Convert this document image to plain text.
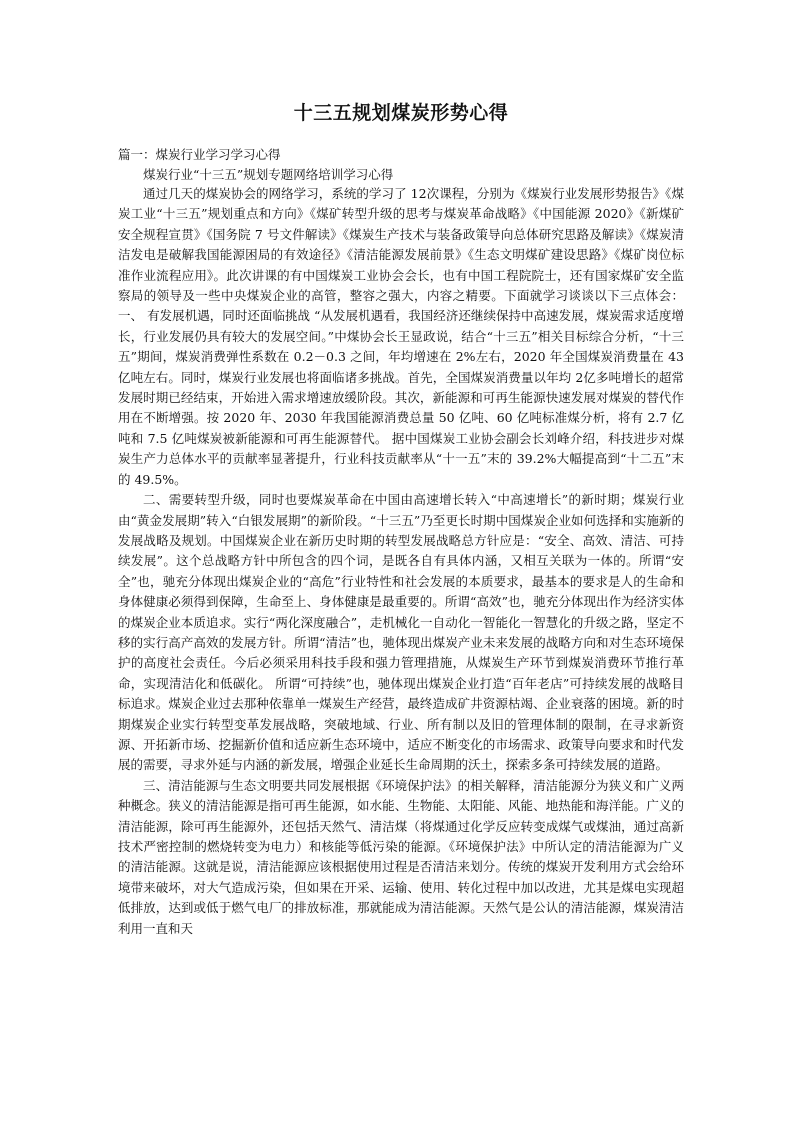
十三五规划煤炭形势心得

篇一：煤炭行业学习学习心得

煤炭行业“十三五”规划专题网络培训学习心得

通过几天的煤炭协会的网络学习，系统的学习了 12次课程，分别为《煤炭行业发展形势报告》《煤炭工业“十三五”规划重点和方向》《煤矿转型升级的思考与煤炭革命战略》《中国能源 2020》《新煤矿安全规程宣贯》《国务院 7 号文件解读》《煤炭生产技术与装备政策导向总体研究思路及解读》《煤炭清洁发电是破解我国能源困局的有效途径》《清洁能源发展前景》《生态文明煤矿建设思路》《煤矿岗位标准作业流程应用》。此次讲课的有中国煤炭工业协会会长，也有中国工程院院士，还有国家煤矿安全监察局的领导及一些中央煤炭企业的高管，整容之强大，内容之精要。下面就学习谈谈以下三点体会：一、 有发展机遇，同时还面临挑战 “从发展机遇看，我国经济还继续保持中高速发展，煤炭需求适度增长，行业发展仍具有较大的发展空间。”中煤协会长王显政说，结合“十三五”相关目标综合分析，“十三五”期间，煤炭消费弹性系数在 0.2－0.3 之间，年均增速在 2%左右，2020 年全国煤炭消费量在 43 亿吨左右。同时，煤炭行业发展也将面临诸多挑战。首先，全国煤炭消费量以年均 2亿多吨增长的超常发展时期已经结束，开始进入需求增速放缓阶段。其次，新能源和可再生能源快速发展对煤炭的替代作用在不断增强。按 2020 年、2030 年我国能源消费总量 50 亿吨、60 亿吨标准煤分析，将有 2.7 亿吨和 7.5 亿吨煤炭被新能源和可再生能源替代。 据中国煤炭工业协会副会长刘峰介绍，科技进步对煤炭生产力总体水平的贡献率显著提升，行业科技贡献率从“十一五”末的 39.2%大幅提高到“十二五”末的 49.5%。

二、需要转型升级，同时也要煤炭革命在中国由高速增长转入“中高速增长”的新时期；煤炭行业由“黄金发展期”转入“白银发展期”的新阶段。“十三五”乃至更长时期中国煤炭企业如何选择和实施新的发展战略及规划。中国煤炭企业在新历史时期的转型发展战略总方针应是：“安全、高效、清洁、可持续发展”。这个总战略方针中所包含的四个词，是既各自有具体内涵，又相互关联为一体的。所谓“安全”也，驰充分体现出煤炭企业的“高危”行业特性和社会发展的本质要求，最基本的要求是人的生命和身体健康必须得到保障，生命至上、身体健康是最重要的。所谓“高效”也，驰充分体现出作为经济实体的煤炭企业本质追求。实行“两化深度融合”，走机械化一自动化一智能化一智慧化的升级之路，坚定不移的实行高产高效的发展方针。所谓“清洁”也，驰体现出煤炭产业未来发展的战略方向和对生态环境保护的高度社会责任。今后必须采用科技手段和强力管理措施，从煤炭生产环节到煤炭消费环节推行革命，实现清洁化和低碳化。 所谓“可持续”也，驰体现出煤炭企业打造“百年老店”可持续发展的战略目标追求。煤炭企业过去那种依靠单一煤炭生产经营，最终造成矿井资源枯竭、企业衰落的困境。新的时期煤炭企业实行转型变革发展战略，突破地域、行业、所有制以及旧的管理体制的限制，在寻求新资源、开拓新市场、挖掘新价值和适应新生态环境中，适应不断变化的市场需求、政策导向要求和时代发展的需要，寻求外延与内涵的新发展，增强企业延长生命周期的沃土，探索多条可持续发展的道路。

三、清洁能源与生态文明要共同发展根据《环境保护法》的相关解释，清洁能源分为狭义和广义两种概念。狭义的清洁能源是指可再生能源，如水能、生物能、太阳能、风能、地热能和海洋能。广义的清洁能源，除可再生能源外，还包括天然气、清洁煤（将煤通过化学反应转变成煤气或煤油，通过高新技术严密控制的燃烧转变为电力）和核能等低污染的能源。《环境保护法》中所认定的清洁能源为广义的清洁能源。这就是说，清洁能源应该根据使用过程是否清洁来划分。传统的煤炭开发利用方式会给环境带来破坏，对大气造成污染，但如果在开采、运输、使用、转化过程中加以改进，尤其是煤电实现超低排放，达到或低于燃气电厂的排放标准，那就能成为清洁能源。天然气是公认的清洁能源，煤炭清洁利用一直和天
